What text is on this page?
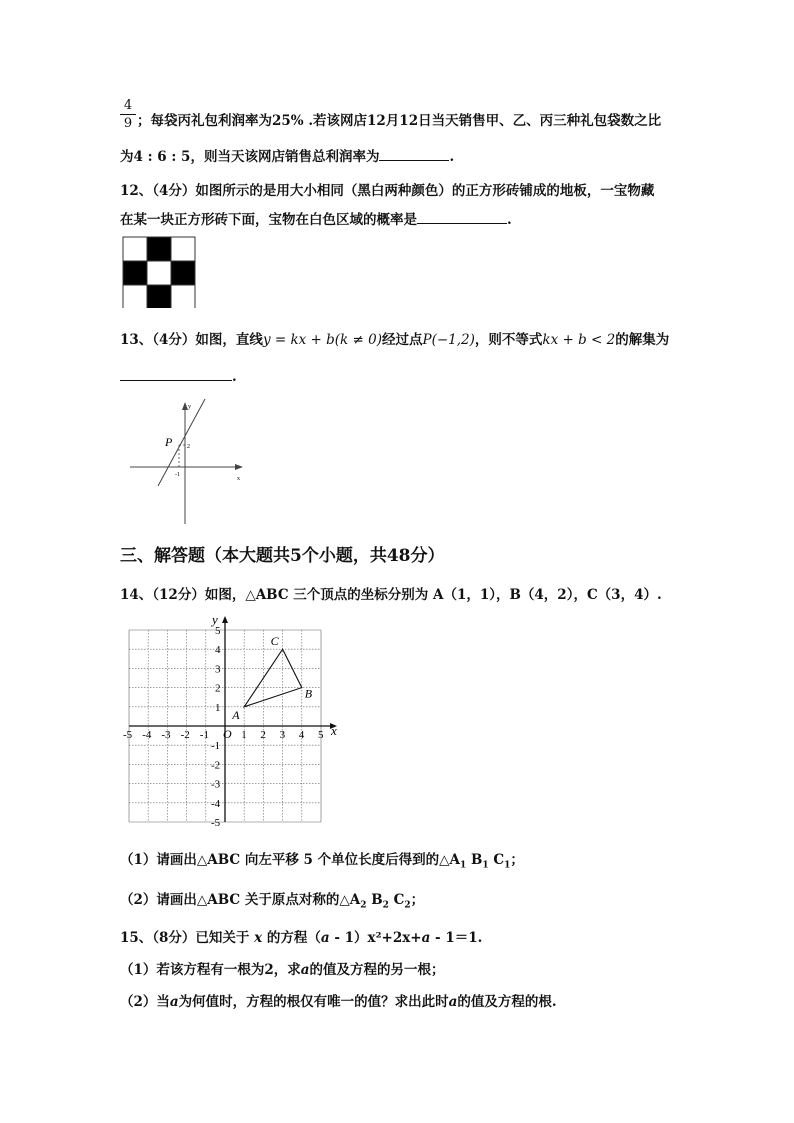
4
9 ；每袋丙礼包利润率为25% .若该网店12月12日当天销售甲、乙、丙三种礼包袋数之比
为4 : 6 : 5，则当天该网店销售总利润率为	.
12、（4分）如图所示的是用大小相同（黑白两种颜色）的正方形砖铺成的地板，一宝物藏
在某一块正方形砖下面，宝物在白色区域的概率是	.
13、（4分）如图，直线y = kx + b(k ≠ 0)经过点P(−1,2)，则不等式kx + b < 2的解集为
.
y
x
P 2
-1
三、解答题（本大题共5个小题，共48分）
14、（12分）如图，△ABC 三个顶点的坐标分别为 A（1，1），B（4，2），C（3，4）.
-5 -4 -3 -2 -1	1 2 3 4 5
5
4
3
2
1
-1
-2
-3
-4
-5
O	x
y
A
B
C
（1）请画出△ABC 向左平移 5 个单位长度后得到的$\triangle A_1$ $B_1$ $C_1$；
（2）请画出△ABC 关于原点对称的$\triangle A_2$ $B_2$ $C_2$；
15、（8分）已知关于 x 的方程（a - 1）x²+2x+a - 1＝1.
（1）若该方程有一根为2，求a的值及方程的另一根；
（2）当a为何值时，方程的根仅有唯一的值？求出此时a的值及方程的根.
